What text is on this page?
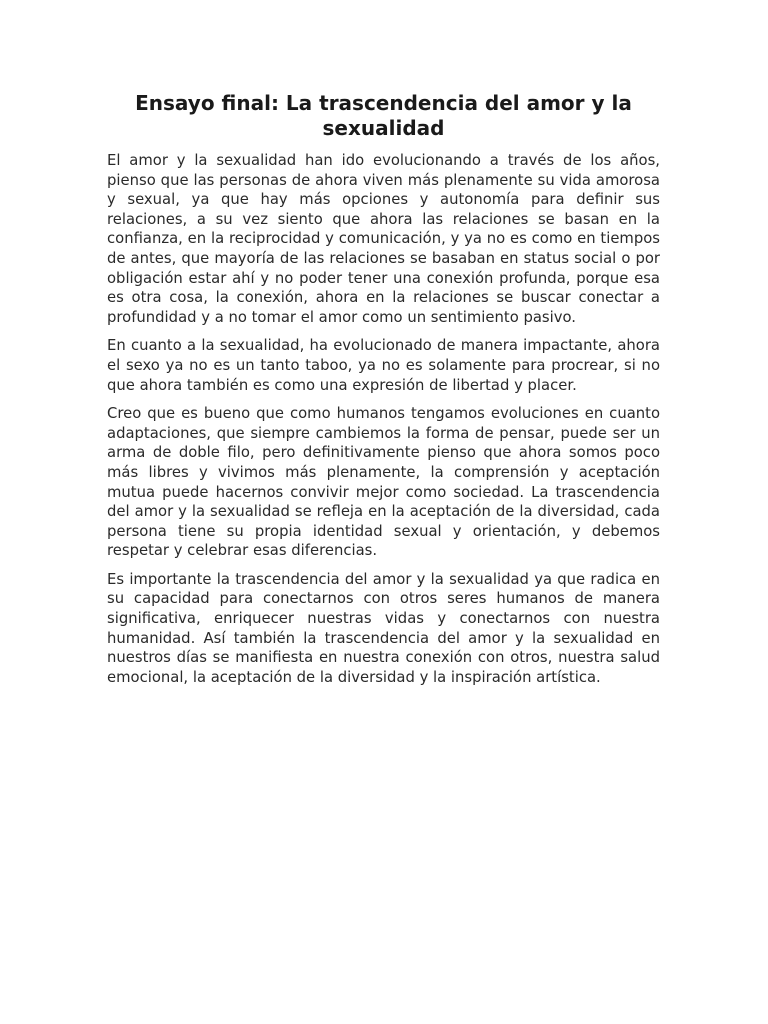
Ensayo final: La trascendencia del amor y la sexualidad

El amor y la sexualidad han ido evolucionando a través de los años, pienso que las personas de ahora viven más plenamente su vida amorosa y sexual, ya que hay más opciones y autonomía para definir sus relaciones, a su vez siento que ahora las relaciones se basan en la confianza, en la reciprocidad y comunicación, y ya no es como en tiempos de antes, que mayoría de las relaciones se basaban en status social o por obligación estar ahí y no poder tener una conexión profunda, porque esa es otra cosa, la conexión, ahora en la relaciones se buscar conectar a profundidad y a no tomar el amor como un sentimiento pasivo.

En cuanto a la sexualidad, ha evolucionado de manera impactante, ahora el sexo ya no es un tanto taboo, ya no es solamente para procrear, si no que ahora también es como una expresión de libertad y placer.

Creo que es bueno que como humanos tengamos evoluciones en cuanto adaptaciones, que siempre cambiemos la forma de pensar, puede ser un arma de doble filo, pero definitivamente pienso que ahora somos poco más libres y vivimos más plenamente, la comprensión y aceptación mutua puede hacernos convivir mejor como sociedad. La trascendencia del amor y la sexualidad se refleja en la aceptación de la diversidad, cada persona tiene su propia identidad sexual y orientación, y debemos respetar y celebrar esas diferencias.

Es importante la trascendencia del amor y la sexualidad ya que radica en su capacidad para conectarnos con otros seres humanos de manera significativa, enriquecer nuestras vidas y conectarnos con nuestra humanidad. Así también la trascendencia del amor y la sexualidad en nuestros días se manifiesta en nuestra conexión con otros, nuestra salud emocional, la aceptación de la diversidad y la inspiración artística.
